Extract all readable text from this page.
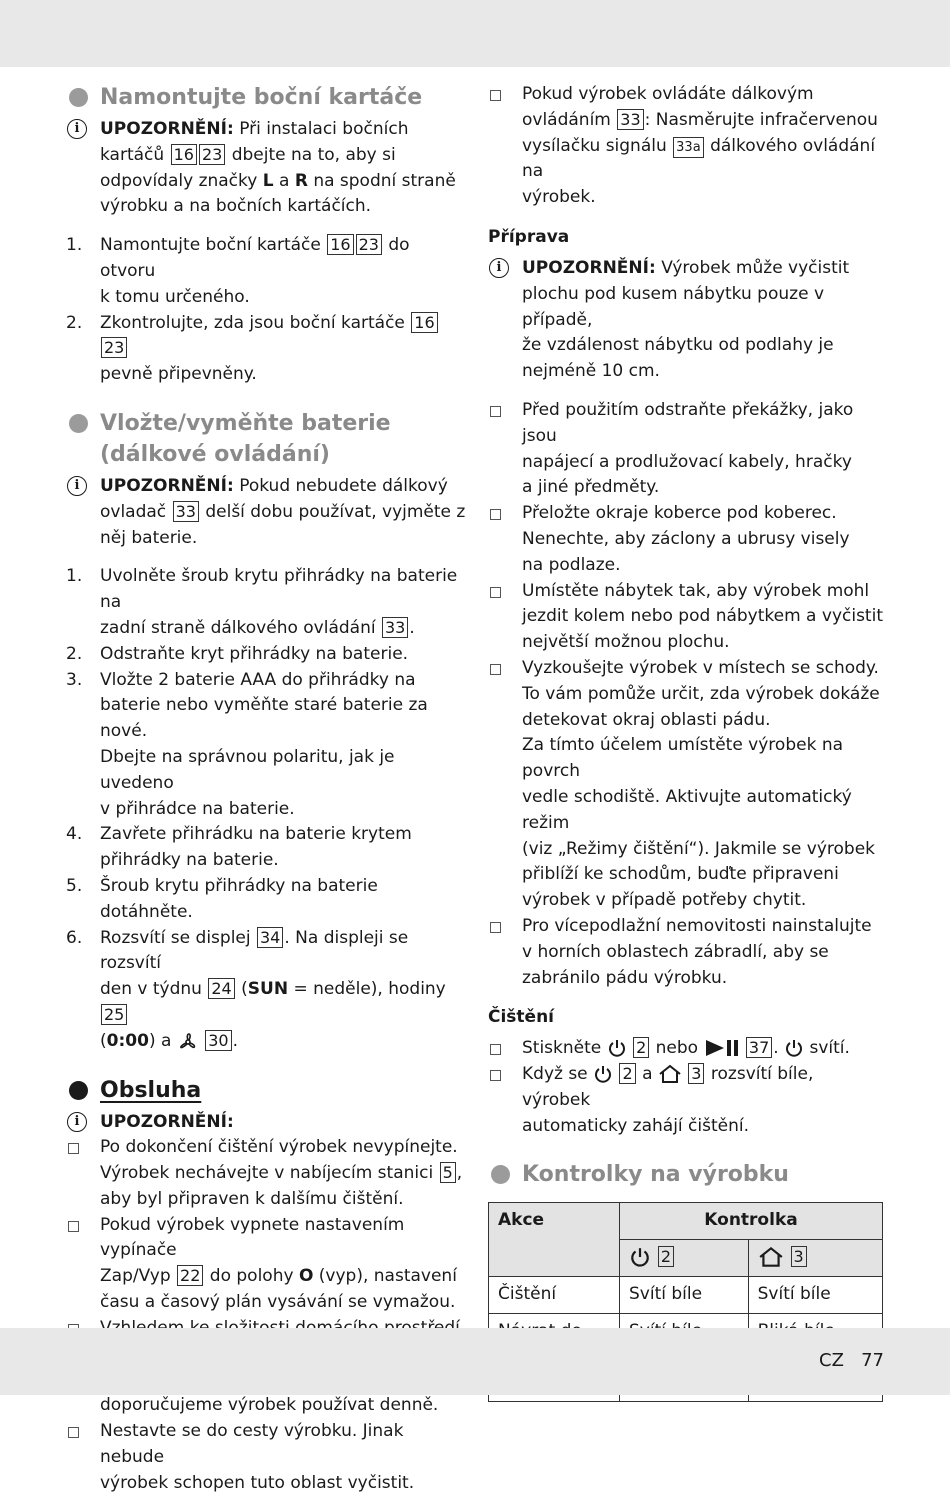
Namontujte boční kartáče
i	UPOZORNĚNÍ: Při instalaci bočních
kartáčů 16 23 dbejte na to, aby si
odpovídaly značky L a R na spodní straně
výrobku a na bočních kartáčích.
1. Namontujte boční kartáče 16 23 do otvoru
k tomu určeného.
2. Zkontrolujte, zda jsou boční kartáče 1623
pevně připevněny.
Vložte/vyměňte baterie
(dálkové ovládání)
i	UPOZORNĚNÍ: Pokud nebudete dálkový
ovladač 33 delší dobu používat, vyjměte z
něj baterie.
1. Uvolněte šroub krytu přihrádky na baterie na
zadní straně dálkového ovládání 33 .
2. Odstraňte kryt přihrádky na baterie.
3. Vložte 2 baterie AAA do přihrádky na
baterie nebo vyměňte staré baterie za nové.
Dbejte na správnou polaritu, jak je uvedeno
v přihrádce na baterie.
4. Zavřete přihrádku na baterie krytem
přihrádky na baterie.
5. Šroub krytu přihrádky na baterie dotáhněte.
6. Rozsvítí se displej 34 . Na displeji se rozsvítí
den v týdnu 24 (SUN = neděle), hodiny 25
(0:00) a 30 .
Obsluha
i	UPOZORNĚNÍ:
Po dokončení čištění výrobek nevypínejte.
Výrobek nechávejte v nabíjecím stanici 5 ,
aby byl připraven k dalšímu čištění.
Pokud výrobek vypnete nastavením vypínače
Zap/Vyp 22 do polohy O (vyp), nastavení
času a časový plán vysávání se vymažou.

doporučujeme výrobek používat denně.
Nestavte se do cesty výrobku. Jinak nebude
výrobek schopen tuto oblast vyčistit.
Pokud výrobek ovládáte dálkovým
ovládáním 33 : Nasměrujte infračervenou
vysílačku signálu 33a dálkového ovládání na
výrobek.
Příprava
i	UPOZORNĚNÍ: Výrobek může vyčistit
plochu pod kusem nábytku pouze v případě,
že vzdálenost nábytku od podlahy je
nejméně 10 cm.
Před použitím odstraňte překážky, jako jsou
napájecí a prodlužovací kabely, hračky
a jiné předměty.
Přeložte okraje koberce pod koberec.
Nenechte, aby záclony a ubrusy visely
na podlaze.
Umístěte nábytek tak, aby výrobek mohl
jezdit kolem nebo pod nábytkem a vyčistit
největší možnou plochu.
Vyzkoušejte výrobek v místech se schody.
To vám pomůže určit, zda výrobek dokáže
detekovat okraj oblasti pádu.
Za tímto účelem umístěte výrobek na povrch
vedle schodiště. Aktivujte automatický režim
(viz „Režimy čištění“). Jakmile se výrobek
přiblíží ke schodům, buďte připraveni
výrobek v případě potřeby chytit.
Pro vícepodlažní nemovitosti nainstalujte
v horních oblastech zábradlí, aby se
zabránilo pádu výrobku.
Čištění
Stiskněte 2 nebo	37 .  svítí.
Když se 2 a 3 rozsvítí bíle, výrobek
automaticky zahájí čištění.
Kontrolky na výrobku
Akce	Kontrolka	
	2	3
Čištění	Svítí bíle	Svítí bíle

CZ 77
